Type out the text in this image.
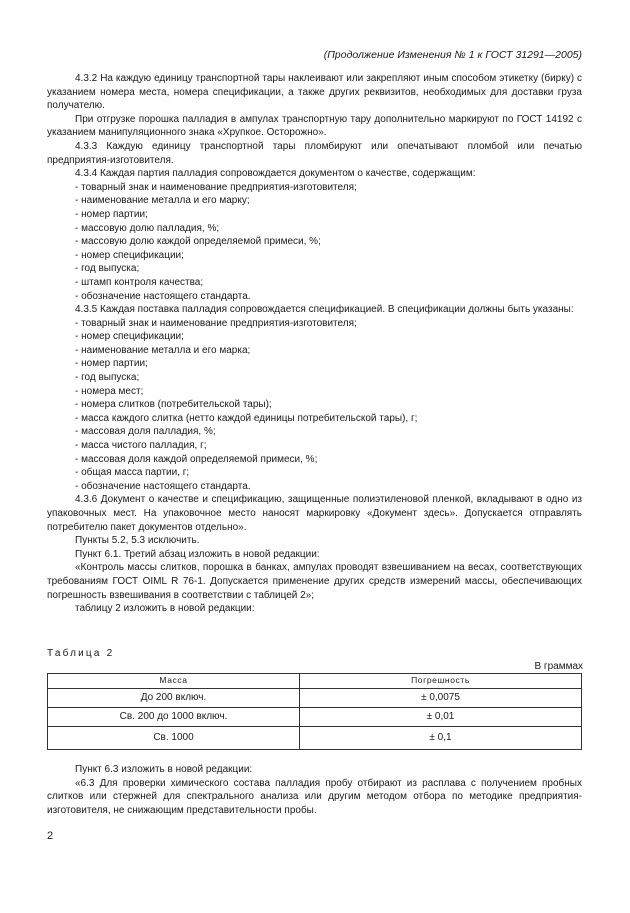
(Продолжение Изменения № 1 к ГОСТ 31291—2005)
4.3.2 На каждую единицу транспортной тары наклеивают или закрепляют иным способом этикетку (бирку) с указанием номера места, номера спецификации, а также других реквизитов, необходимых для доставки груза получателю.
При отгрузке порошка палладия в ампулах транспортную тару дополнительно маркируют по ГОСТ 14192 с указанием манипуляционного знака «Хрупкое. Осторожно».
4.3.3 Каждую единицу транспортной тары пломбируют или опечатывают пломбой или печатью предприятия-изготовителя.
4.3.4 Каждая партия палладия сопровождается документом о качестве, содержащим:
- товарный знак и наименование предприятия-изготовителя;
- наименование металла и его марку;
- номер партии;
- массовую долю палладия, %;
- массовую долю каждой определяемой примеси, %;
- номер спецификации;
- год выпуска;
- штамп контроля качества;
- обозначение настоящего стандарта.
4.3.5 Каждая поставка палладия сопровождается спецификацией. В спецификации должны быть указаны:
- товарный знак и наименование предприятия-изготовителя;
- номер спецификации;
- наименование металла и его марка;
- номер партии;
- год выпуска;
- номера мест;
- номера слитков (потребительской тары);
- масса каждого слитка (нетто каждой единицы потребительской тары), г;
- массовая доля палладия, %;
- масса чистого палладия, г;
- массовая доля каждой определяемой примеси, %;
- общая масса партии, г;
- обозначение настоящего стандарта.
4.3.6 Документ о качестве и спецификацию, защищенные полиэтиленовой пленкой, вкладывают в одно из упаковочных мест. На упаковочное место наносят маркировку «Документ здесь». Допускается отправлять потребителю пакет документов отдельно».
Пункты 5.2, 5.3 исключить.
Пункт 6.1. Третий абзац изложить в новой редакции:
«Контроль массы слитков, порошка в банках, ампулах проводят взвешиванием на весах, соответствующих требованиям ГОСТ OIML R 76-1. Допускается применение других средств измерений массы, обеспечивающих погрешность взвешивания в соответствии с таблицей 2»;
таблицу 2 изложить в новой редакции:
Таблица 2
В граммах
Масса	Погрешность
До 200 включ.	± 0,0075
Св. 200 до 1000 включ.	± 0,01
Св. 1000	± 0,1
Пункт 6.3 изложить в новой редакции:
«6.3 Для проверки химического состава палладия пробу отбирают из расплава с получением пробных слитков или стержней для спектрального анализа или другим методом отбора по методике предприятия-изготовителя, не снижающим представительности пробы.
2
